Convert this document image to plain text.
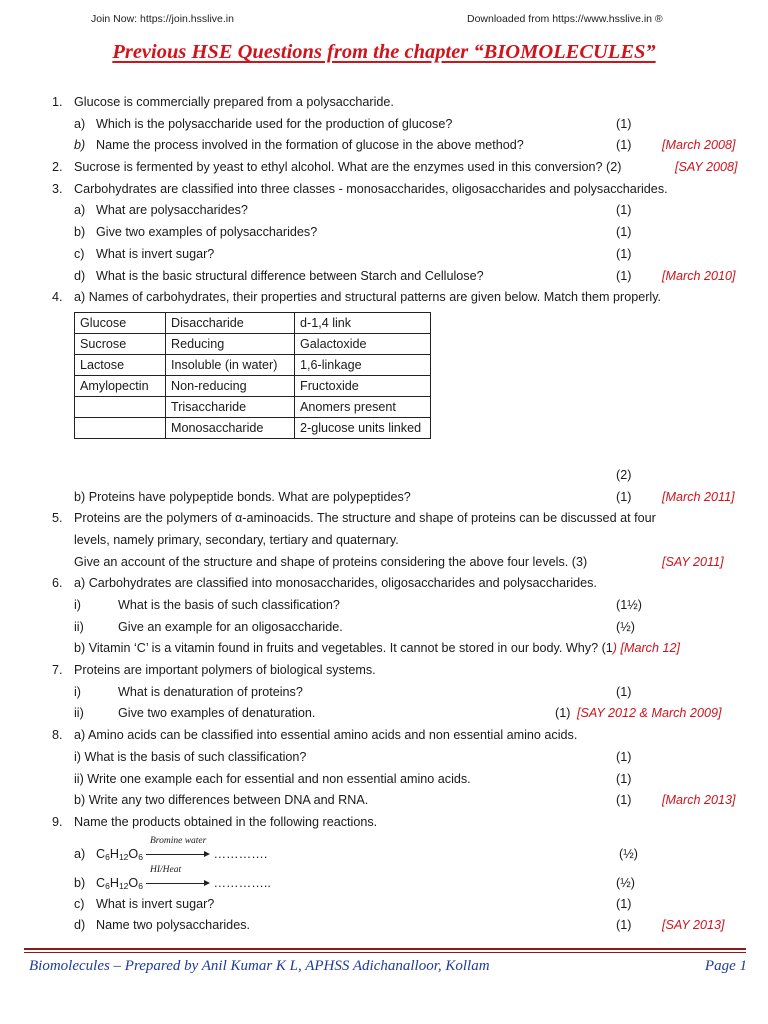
Join Now: https://join.hsslive.in	Downloaded from https://www.hsslive.in ®
Previous HSE Questions from the chapter “BIOMOLECULES”
1. Glucose is commercially prepared from a polysaccharide.
a) Which is the polysaccharide used for the production of glucose?	(1)
b) Name the process involved in the formation of glucose in the above method?	(1) [March 2008]
2. Sucrose is fermented by yeast to ethyl alcohol. What are the enzymes used in this conversion? (2)	[SAY 2008]
3. Carbohydrates are classified into three classes - monosaccharides, oligosaccharides and polysaccharides.
a) What are polysaccharides?	(1)
b) Give two examples of polysaccharides?	(1)
c) What is invert sugar?	(1)
d) What is the basic structural difference between Starch and Cellulose?	(1) [March 2010]
4. a) Names of carbohydrates, their properties and structural patterns are given below. Match them properly.
Glucose	Disaccharide	d-1,4 link
Sucrose	Reducing	Galactoxide
Lactose	Insoluble (in water)	1,6-linkage
Amylopectin	Non-reducing	Fructoxide
	Trisaccharide	Anomers present
	Monosaccharide	2-glucose units linked
(2)
b) Proteins have polypeptide bonds. What are polypeptides?	(1) [March 2011]
5. Proteins are the polymers of α-aminoacids. The structure and shape of proteins can be discussed at four
levels, namely primary, secondary, tertiary and quaternary.
Give an account of the structure and shape of proteins considering the above four levels. (3)	[SAY 2011]
6. a) Carbohydrates are classified into monosaccharides, oligosaccharides and polysaccharides.
i)	What is the basis of such classification?	(1½)
ii)	Give an example for an oligosaccharide.	(½)
b) Vitamin ‘C’ is a vitamin found in fruits and vegetables. It cannot be stored in our body. Why? (1) [March 12]
7. Proteins are important polymers of biological systems.
i)	What is denaturation of proteins?	(1)
ii)	Give two examples of denaturation.	(1) [SAY 2012 & March 2009]
8. a) Amino acids can be classified into essential amino acids and non essential amino acids.
i) What is the basis of such classification?	(1)
ii) Write one example each for essential and non essential amino acids.	(1)
b) Write any two differences between DNA and RNA.	(1) [March 2013]
9. Name the products obtained in the following reactions.
a) $C_6H_{12}O_6$
Bromine water
………….	(½)
b) $C_6H_{12}O_6$
HI/Heat
…………..	(½)
c) What is invert sugar?	(1)
d) Name two polysaccharides.	(1) [SAY 2013]
Biomolecules – Prepared by Anil Kumar K L, APHSS Adichanalloor, Kollam	Page 1
